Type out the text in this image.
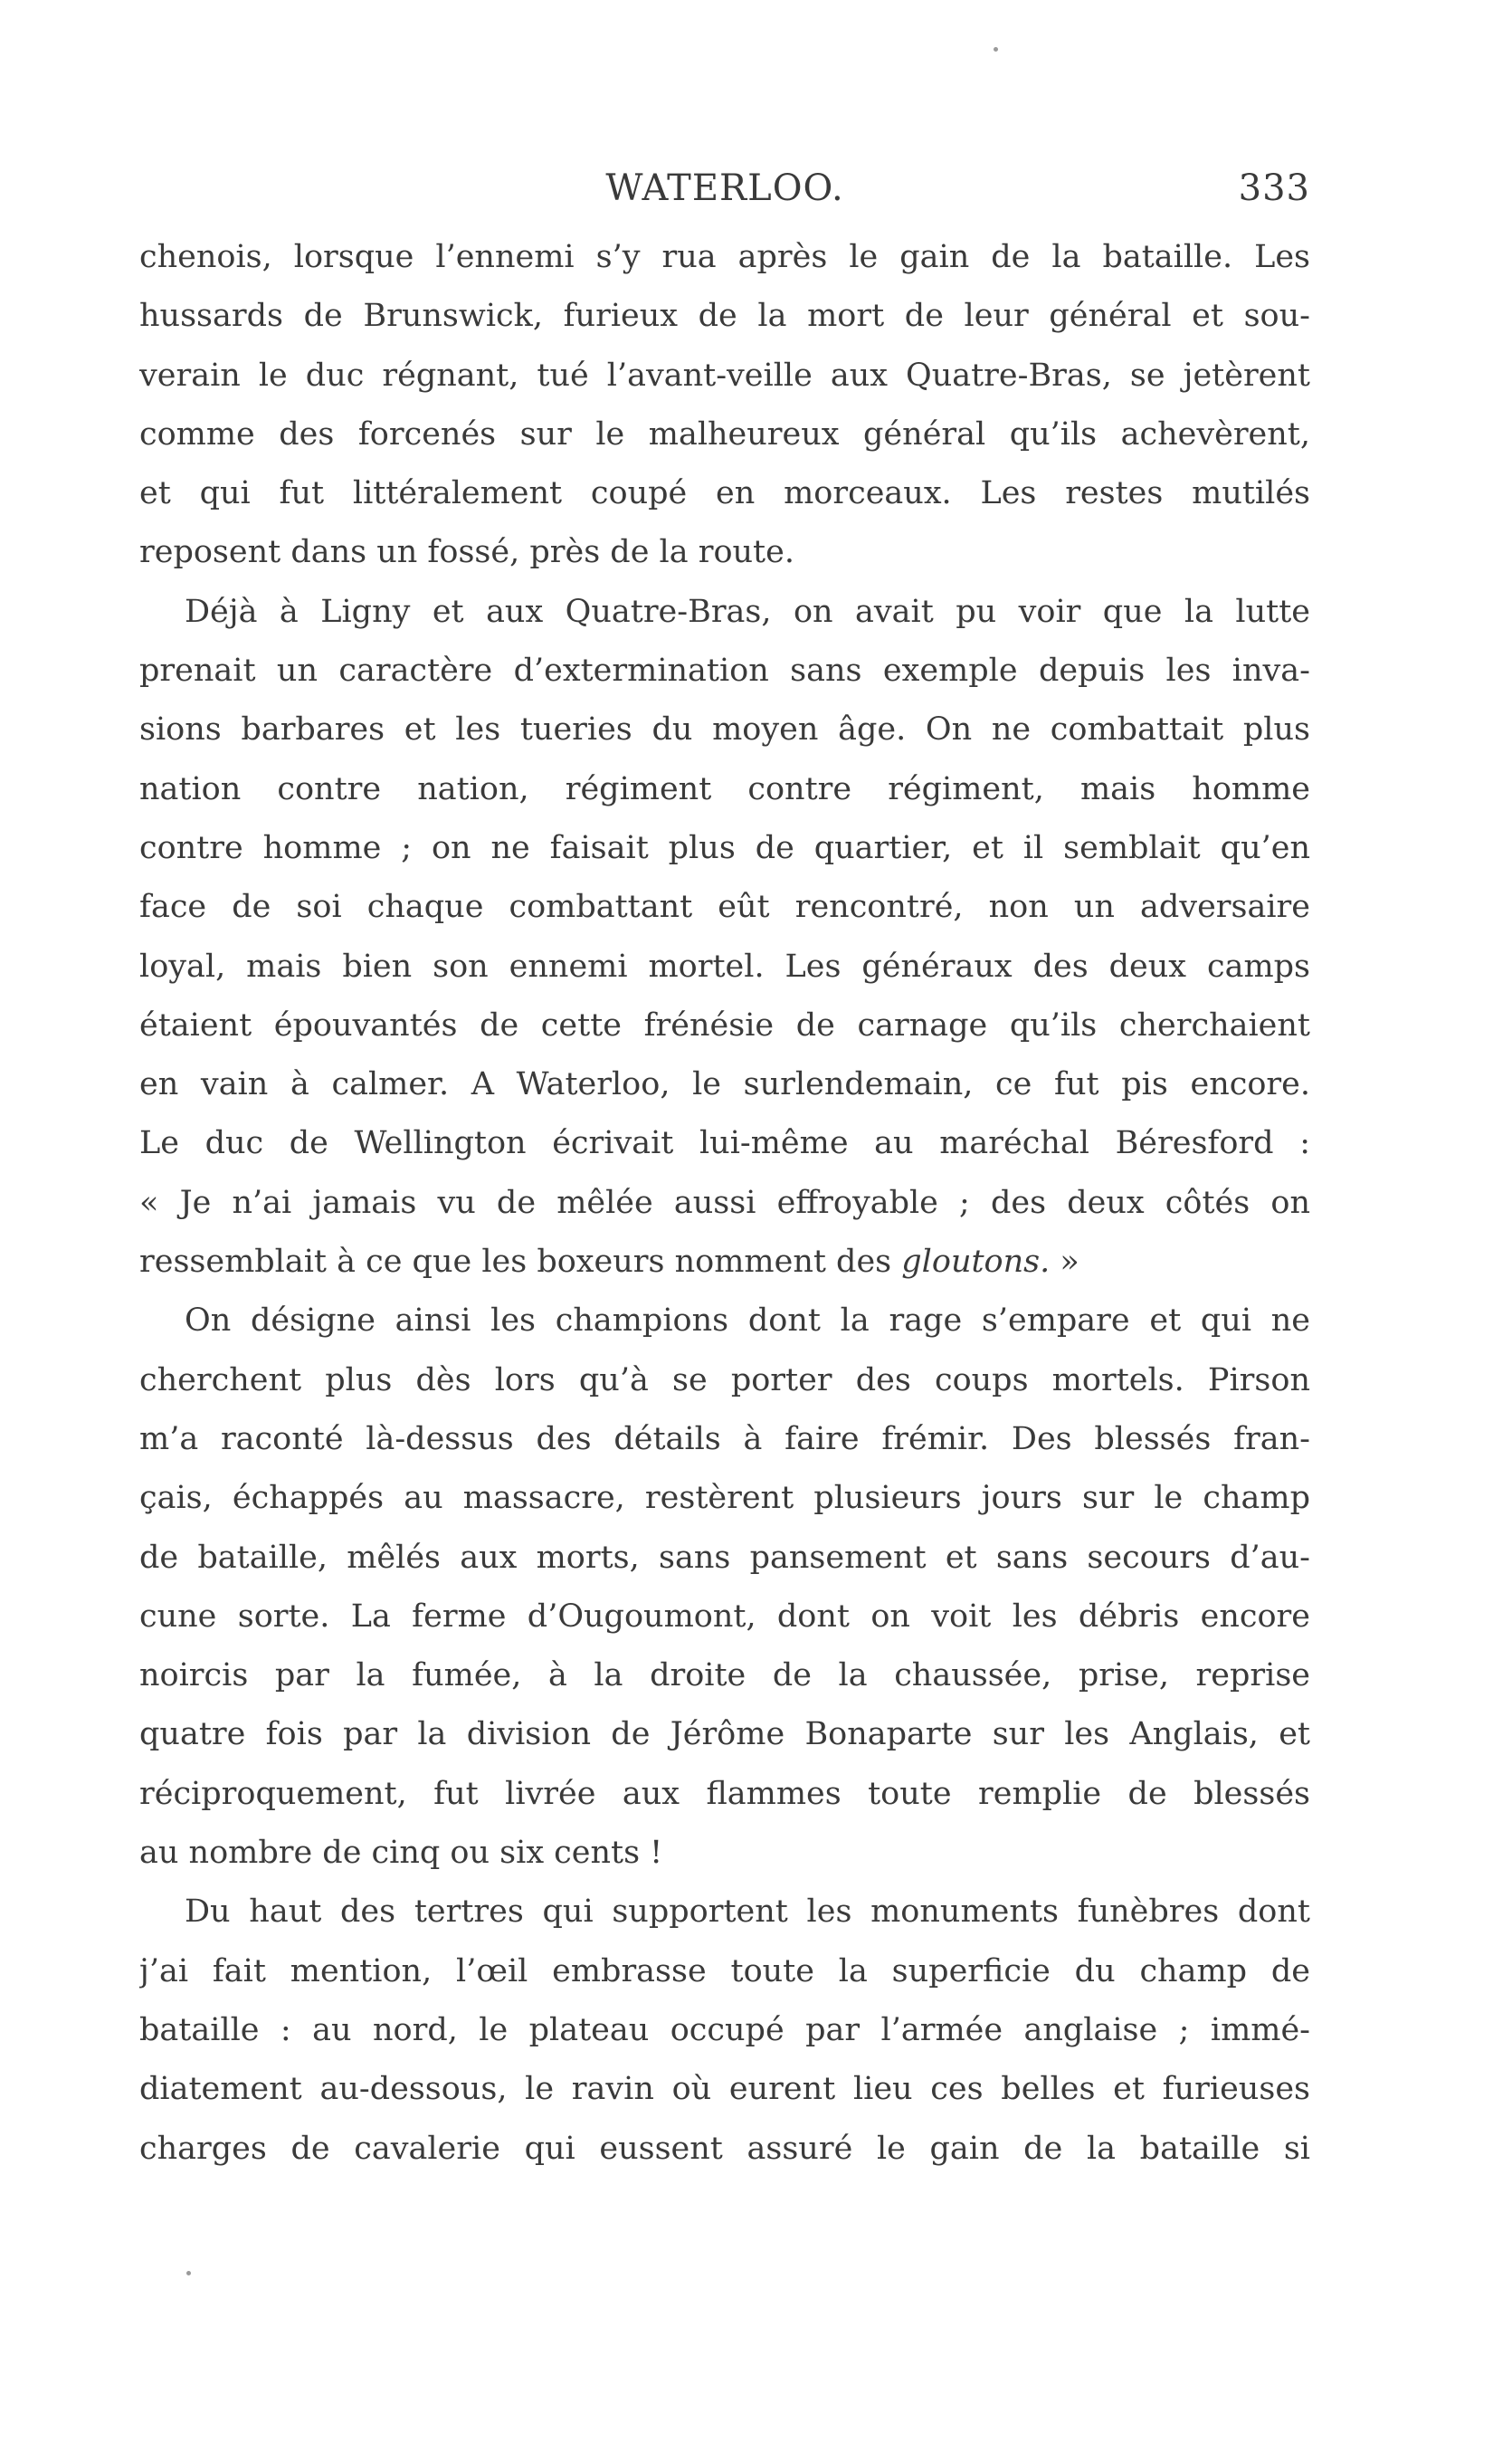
WATERLOO.	333
chenois, lorsque l’ennemi s’y rua après le gain de la bataille. Les
hussards de Brunswick, furieux de la mort de leur général et sou-
verain le duc régnant, tué l’avant-veille aux Quatre-Bras, se jetèrent
comme des forcenés sur le malheureux général qu’ils achevèrent,
et qui fut littéralement coupé en morceaux. Les restes mutilés
reposent dans un fossé, près de la route.
Déjà à Ligny et aux Quatre-Bras, on avait pu voir que la lutte
prenait un caractère d’extermination sans exemple depuis les inva-
sions barbares et les tueries du moyen âge. On ne combattait plus
nation contre nation, régiment contre régiment, mais homme
contre homme ; on ne faisait plus de quartier, et il semblait qu’en
face de soi chaque combattant eût rencontré, non un adversaire
loyal, mais bien son ennemi mortel. Les généraux des deux camps
étaient épouvantés de cette frénésie de carnage qu’ils cherchaient
en vain à calmer. A Waterloo, le surlendemain, ce fut pis encore.
Le duc de Wellington écrivait lui-même au maréchal Béresford :
« Je n’ai jamais vu de mêlée aussi effroyable ; des deux côtés on
ressemblait à ce que les boxeurs nomment des gloutons. »
On désigne ainsi les champions dont la rage s’empare et qui ne
cherchent plus dès lors qu’à se porter des coups mortels. Pirson
m’a raconté là-dessus des détails à faire frémir. Des blessés fran-
çais, échappés au massacre, restèrent plusieurs jours sur le champ
de bataille, mêlés aux morts, sans pansement et sans secours d’au-
cune sorte. La ferme d’Ougoumont, dont on voit les débris encore
noircis par la fumée, à la droite de la chaussée, prise, reprise
quatre fois par la division de Jérôme Bonaparte sur les Anglais, et
réciproquement, fut livrée aux flammes toute remplie de blessés
au nombre de cinq ou six cents !
Du haut des tertres qui supportent les monuments funèbres dont
j’ai fait mention, l’œil embrasse toute la superficie du champ de
bataille : au nord, le plateau occupé par l’armée anglaise ; immé-
diatement au-dessous, le ravin où eurent lieu ces belles et furieuses
charges de cavalerie qui eussent assuré le gain de la bataille si
